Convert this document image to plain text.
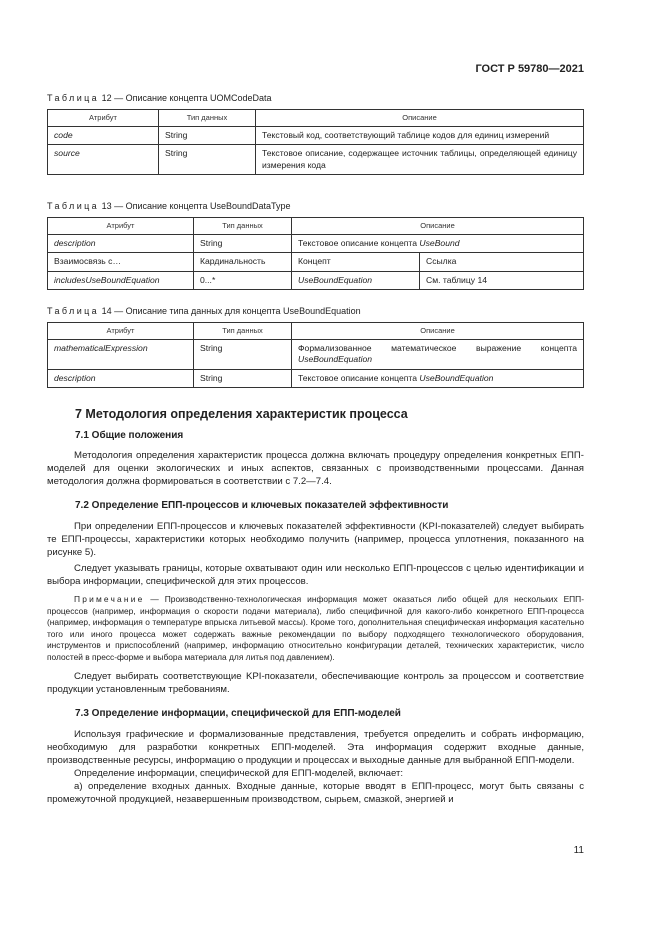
ГОСТ Р 59780—2021

Таблица 12 — Описание концепта UOMCodeData

Атрибут	Тип данных	Описание
code	String	Текстовый код, соответствующий таблице кодов для единиц измерений
source	String	Текстовое описание, содержащее источник таблицы, определяющей единицу измерения кода

Таблица 13 — Описание концепта UseBoundDataType

Атрибут	Тип данных	Описание	
description	String	Текстовое описание концепта UseBound	
Взаимосвязь с…	Кардинальность	Концепт	Ссылка
includesUseBoundEquation	0...*	UseBoundEquation	См. таблицу 14

Таблица 14 — Описание типа данных для концепта UseBoundEquation

Атрибут	Тип данных	Описание
mathematicalExpression	String	Формализованное математическое выражение концепта UseBoundEquation
description	String	Текстовое описание концепта UseBoundEquation
7 Методология определения характеристик процесса
7.1 Общие положения

Методология определения характеристик процесса должна включать процедуру определения конкретных ЕПП-моделей для оценки экологических и иных аспектов, связанных с производственными процессами. Данная методология должна формироваться в соответствии с 7.2—7.4.

7.2 Определение ЕПП-процессов и ключевых показателей эффективности

При определении ЕПП-процессов и ключевых показателей эффективности (KPI-показателей) следует выбирать те ЕПП-процессы, характеристики которых необходимо получить (например, процесса уплотнения, показанного на рисунке 5).

Следует указывать границы, которые охватывают один или несколько ЕПП-процессов с целью идентификации и выбора информации, специфической для этих процессов.

Примечание — Производственно-технологическая информация может оказаться либо общей для нескольких ЕПП-процессов (например, информация о скорости подачи материала), либо специфичной для какого-либо конкретного ЕПП-процесса (например, информация о температуре впрыска литьевой массы). Кроме того, дополнительная специфическая информация касательно того или иного процесса может содержать важные рекомендации по выбору подходящего технологического оборудования, инструментов и приспособлений (например, информацию относительно конфигурации деталей, технических характеристик, число полостей в пресс-форме и выбора материала для литья под давлением).

Следует выбирать соответствующие KPI-показатели, обеспечивающие контроль за процессом и соответствие продукции установленным требованиям.

7.3 Определение информации, специфической для ЕПП-моделей

Используя графические и формализованные представления, требуется определить и собрать информацию, необходимую для разработки конкретных ЕПП-моделей. Эта информация содержит входные данные, производственные ресурсы, информацию о продукции и процессах и выходные данные для выбранной ЕПП-модели.

Определение информации, специфической для ЕПП-моделей, включает:

а) определение входных данных. Входные данные, которые вводят в ЕПП-процесс, могут быть связаны с промежуточной продукцией, незавершенным производством, сырьем, смазкой, энергией и

11
